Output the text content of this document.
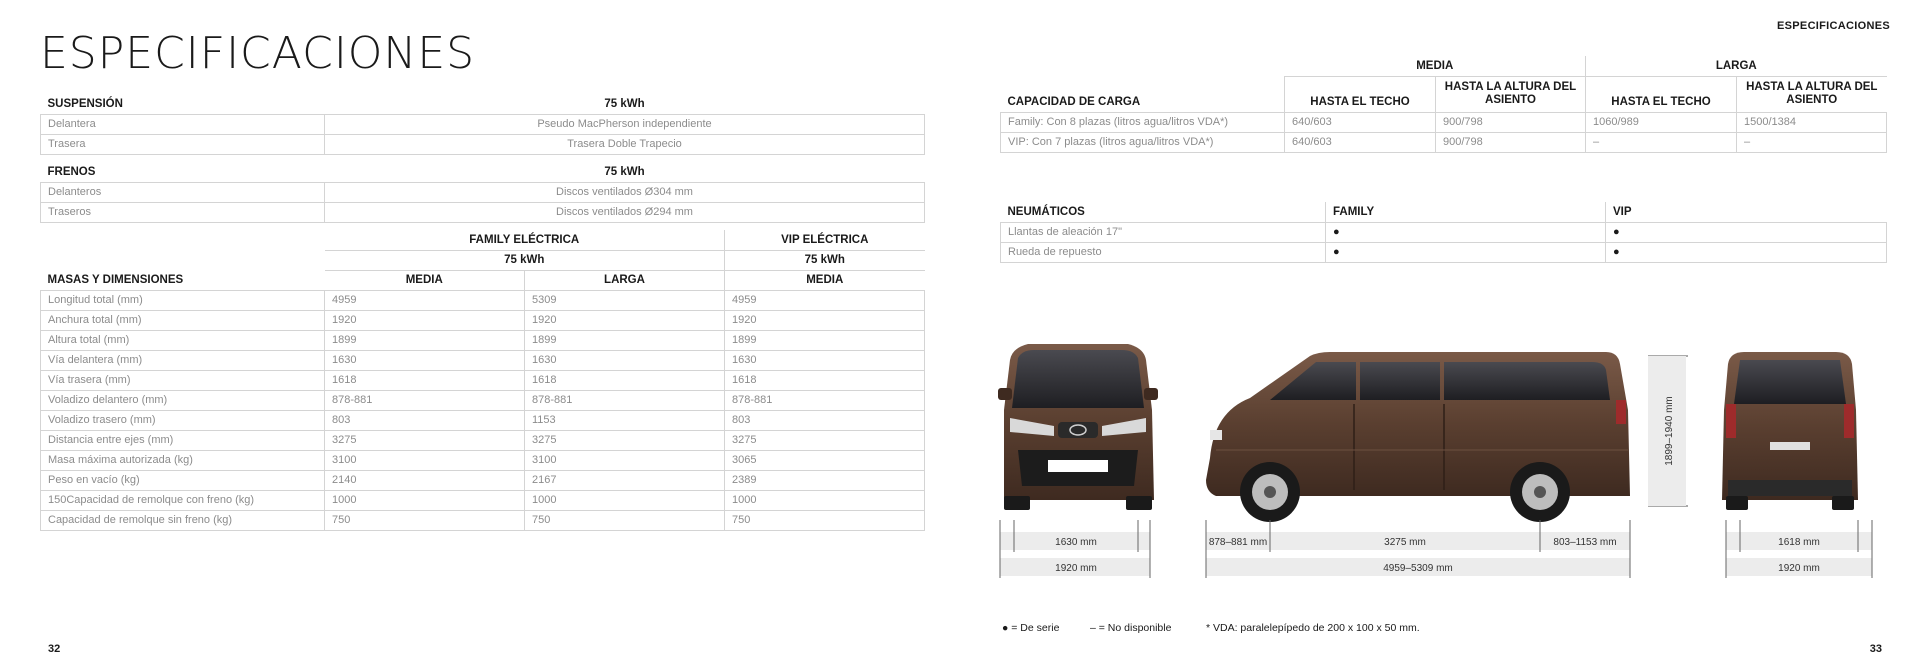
ESPECIFICACIONES
ESPECIFICACIONES
SUSPENSIÓN	75 kWh
Delantera	Pseudo MacPherson independiente
Trasera	Trasera Doble Trapecio
FRENOS	75 kWh
Delanteros	Discos ventilados Ø304 mm
Traseros	Discos ventilados Ø294 mm
	FAMILY ELÉCTRICA		VIP ELÉCTRICA
	75 kWh		75 kWh
MASAS Y DIMENSIONES	MEDIA	LARGA	MEDIA
Longitud total (mm)	4959	5309	4959
Anchura total (mm)	1920	1920	1920
Altura total (mm)	1899	1899	1899
Vía delantera (mm)	1630	1630	1630
Vía trasera (mm)	1618	1618	1618
Voladizo delantero (mm)	878-881	878-881	878-881
Voladizo trasero (mm)	803	1153	803
Distancia entre ejes (mm)	3275	3275	3275
Masa máxima autorizada (kg)	3100	3100	3065
Peso en vacío (kg)	2140	2167	2389
150Capacidad de remolque con freno (kg)	1000	1000	1000
Capacidad de remolque sin freno (kg)	750	750	750
	MEDIA		LARGA	
CAPACIDAD DE CARGA	HASTA EL TECHO	HASTA LA ALTURA DEL ASIENTO	HASTA EL TECHO	HASTA LA ALTURA DEL ASIENTO
Family: Con 8 plazas (litros agua/litros VDA*)	640/603	900/798	1060/989	1500/1384
VIP: Con 7 plazas (litros agua/litros VDA*)	640/603	900/798	–	–
NEUMÁTICOS	FAMILY	VIP
Llantas de aleación 17"	●	●
Rueda de repuesto	●	●
1899–1940 mm
1630 mm
1920 mm
878–881 mm	3275 mm	803–1153 mm
4959–5309 mm
1618 mm
1920 mm
● = De serie	– = No disponible	* VDA: paralelepípedo de 200 x 100 x 50 mm.
32	33
